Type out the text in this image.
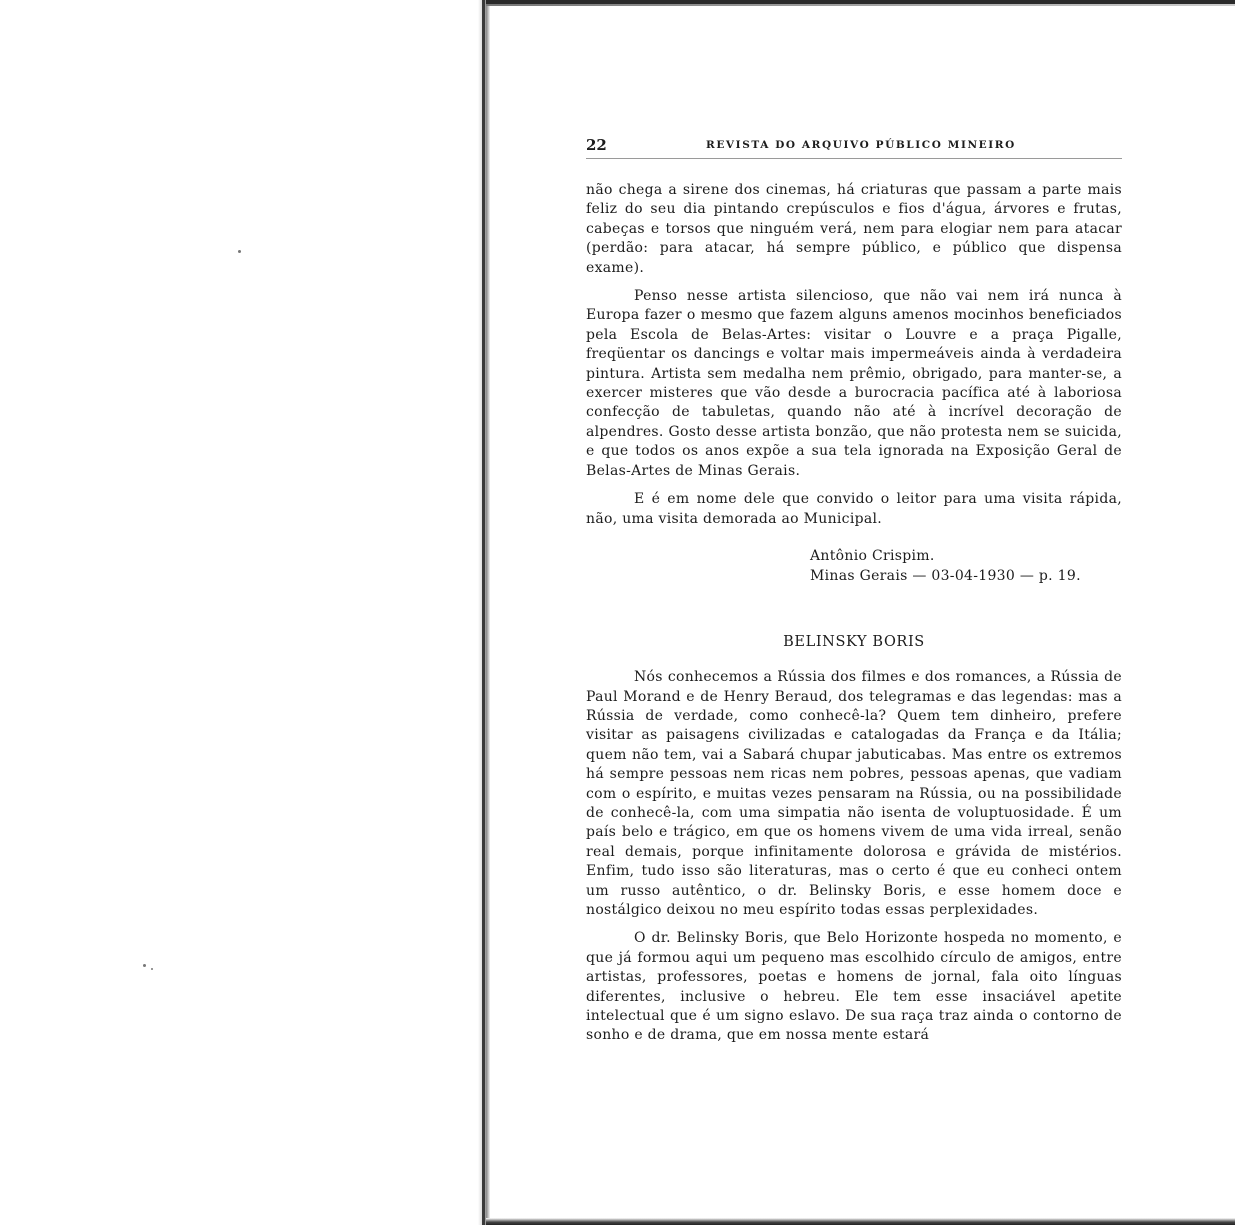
22	REVISTA DO ARQUIVO PÚBLICO MINEIRO

não chega a sirene dos cinemas, há criaturas que passam a parte mais feliz do seu dia pintando crepúsculos e fios d'água, árvores e frutas, cabeças e torsos que ninguém verá, nem para elogiar nem para atacar (perdão: para atacar, há sempre público, e público que dispensa exame).

Penso nesse artista silencioso, que não vai nem irá nunca à Europa fazer o mesmo que fazem alguns amenos mocinhos beneficiados pela Escola de Belas-Artes: visitar o Louvre e a praça Pigalle, freqüentar os dancings e voltar mais impermeáveis ainda à verdadeira pintura. Artista sem medalha nem prêmio, obrigado, para manter-se, a exercer misteres que vão desde a burocracia pacífica até à laboriosa confecção de tabuletas, quando não até à incrível decoração de alpendres. Gosto desse artista bonzão, que não protesta nem se suicida, e que todos os anos expõe a sua tela ignorada na Exposição Geral de Belas-Artes de Minas Gerais.

E é em nome dele que convido o leitor para uma visita rápida, não, uma visita demorada ao Municipal.

Antônio Crispim.
Minas Gerais — 03-04-1930 — p. 19.
BELINSKY BORIS

Nós conhecemos a Rússia dos filmes e dos romances, a Rússia de Paul Morand e de Henry Beraud, dos telegramas e das legendas: mas a Rússia de verdade, como conhecê-la? Quem tem dinheiro, prefere visitar as paisagens civilizadas e catalogadas da França e da Itália; quem não tem, vai a Sabará chupar jabuticabas. Mas entre os extremos há sempre pessoas nem ricas nem pobres, pessoas apenas, que vadiam com o espírito, e muitas vezes pensaram na Rússia, ou na possibilidade de conhecê-la, com uma simpatia não isenta de voluptuosidade. É um país belo e trágico, em que os homens vivem de uma vida irreal, senão real demais, porque infinitamente dolorosa e grávida de mistérios. Enfim, tudo isso são literaturas, mas o certo é que eu conheci ontem um russo autêntico, o dr. Belinsky Boris, e esse homem doce e nostálgico deixou no meu espírito todas essas perplexidades.

O dr. Belinsky Boris, que Belo Horizonte hospeda no momento, e que já formou aqui um pequeno mas escolhido círculo de amigos, entre artistas, professores, poetas e homens de jornal, fala oito línguas diferentes, inclusive o hebreu. Ele tem esse insaciável apetite intelectual que é um signo eslavo. De sua raça traz ainda o contorno de sonho e de drama, que em nossa mente estará
